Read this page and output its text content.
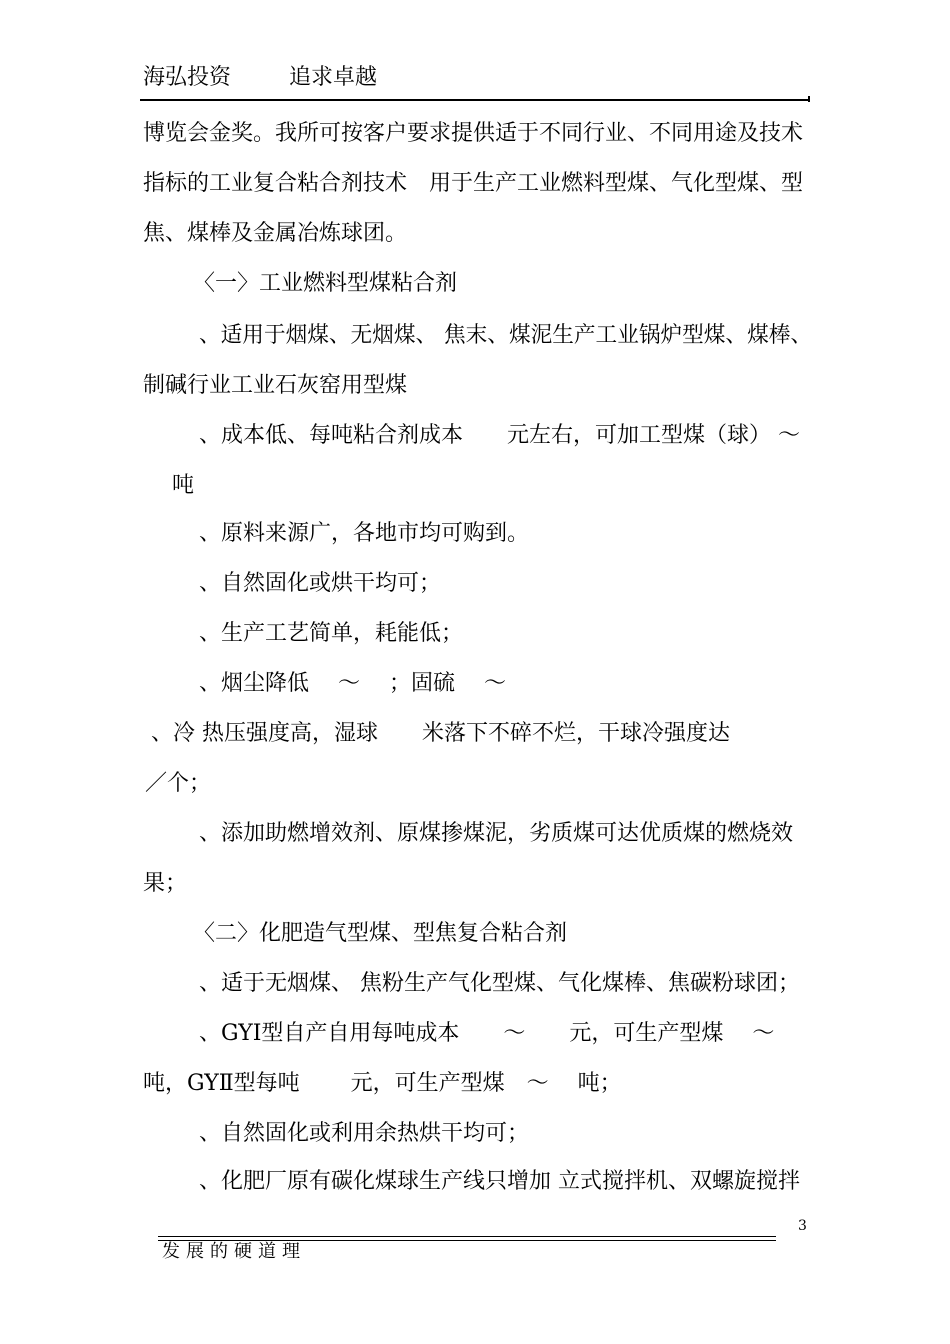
海弘投资	追求卓越
博览会金奖。我所可按客户要求提供适于不同行业、不同用途及技术
指标的工业复合粘合剂技术　用于生产工业燃料型煤、气化型煤、型
焦、煤棒及金属冶炼球团。
〈一〉工业燃料型煤粘合剂
、适用于烟煤、无烟煤、 焦末、煤泥生产工业锅炉型煤、煤棒、
制碱行业工业石灰窑用型煤
、成本低、每吨粘合剂成本　　元左右，可加工型煤（球） ～
吨
、原料来源广，各地市均可购到。
、自然固化或烘干均可；
、生产工艺简单，耗能低；
、烟尘降低　 ～　 ；固硫　 ～
、冷 热压强度高，湿球　　米落下不碎不烂，干球冷强度达
／个；
、添加助燃增效剂、原煤掺煤泥，劣质煤可达优质煤的燃烧效
果；
〈二〉化肥造气型煤、型焦复合粘合剂
、适于无烟煤、 焦粉生产气化型煤、气化煤棒、焦碳粉球团；
、GYⅠ型自产自用每吨成本　　～　　元，可生产型煤　 ～
吨，GYⅡ型每吨　　 元，可生产型煤　～　 吨；
、自然固化或利用余热烘干均可；
、化肥厂原有碳化煤球生产线只增加 立式搅拌机、双螺旋搅拌
3
发展的硬道理
